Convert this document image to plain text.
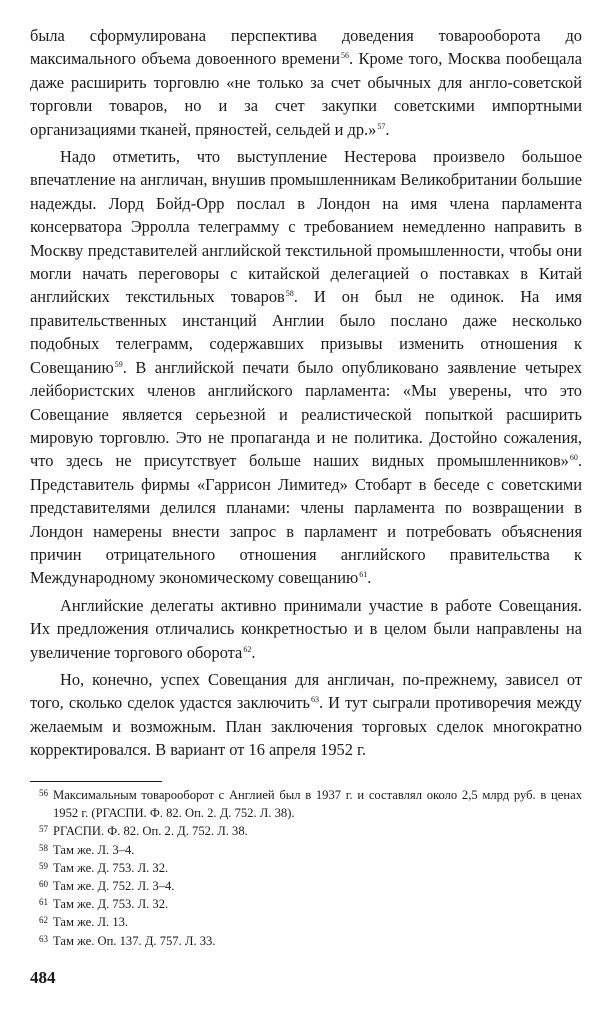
была сформулирована перспектива доведения товарооборота до максимального объема довоенного времени$^{56}$. Кроме того, Москва пообещала даже расширить торговлю «не только за счет обычных для англо-советской торговли товаров, но и за счет закупки советскими импортными организациями тканей, пряностей, сельдей и др.»$^{57}$.

Надо отметить, что выступление Нестерова произвело большое впечатление на англичан, внушив промышленникам Великобритании большие надежды. Лорд Бойд-Орр послал в Лондон на имя члена парламента консерватора Эрролла телеграмму с требованием немедленно направить в Москву представителей английской текстильной промышленности, чтобы они могли начать переговоры с китайской делегацией о поставках в Китай английских текстильных товаров$^{58}$. И он был не одинок. На имя правительственных инстанций Англии было послано даже несколько подобных телеграмм, содержавших призывы изменить отношения к Совещанию$^{59}$. В английской печати было опубликовано заявление четырех лейбористских членов английского парламента: «Мы уверены, что это Совещание является серьезной и реалистической попыткой расширить мировую торговлю. Это не пропаганда и не политика. Достойно сожаления, что здесь не присутствует больше наших видных промышленников»$^{60}$. Представитель фирмы «Гаррисон Лимитед» Стобарт в беседе с советскими представителями делился планами: члены парламента по возвращении в Лондон намерены внести запрос в парламент и потребовать объяснения причин отрицательного отношения английского правительства к Международному экономическому совещанию$^{61}$.

Английские делегаты активно принимали участие в работе Совещания. Их предложения отличались конкретностью и в целом были направлены на увеличение торгового оборота$^{62}$.

Но, конечно, успех Совещания для англичан, по-прежнему, зависел от того, сколько сделок удастся заключить$^{63}$. И тут сыграли противоречия между желаемым и возможным. План заключения торговых сделок многократно корректировался. В вариант от 16 апреля 1952 г.

56 Максимальным товарооборот с Англией был в 1937 г. и составлял около 2,5 млрд руб. в ценах 1952 г. (РГАСПИ. Ф. 82. Оп. 2. Д. 752. Л. 38).
57 РГАСПИ. Ф. 82. Оп. 2. Д. 752. Л. 38.
58 Там же. Л. 3–4.
59 Там же. Д. 753. Л. 32.
60 Там же. Д. 752. Л. 3–4.
61 Там же. Д. 753. Л. 32.
62 Там же. Л. 13.
63 Там же. Оп. 137. Д. 757. Л. 33.
484
